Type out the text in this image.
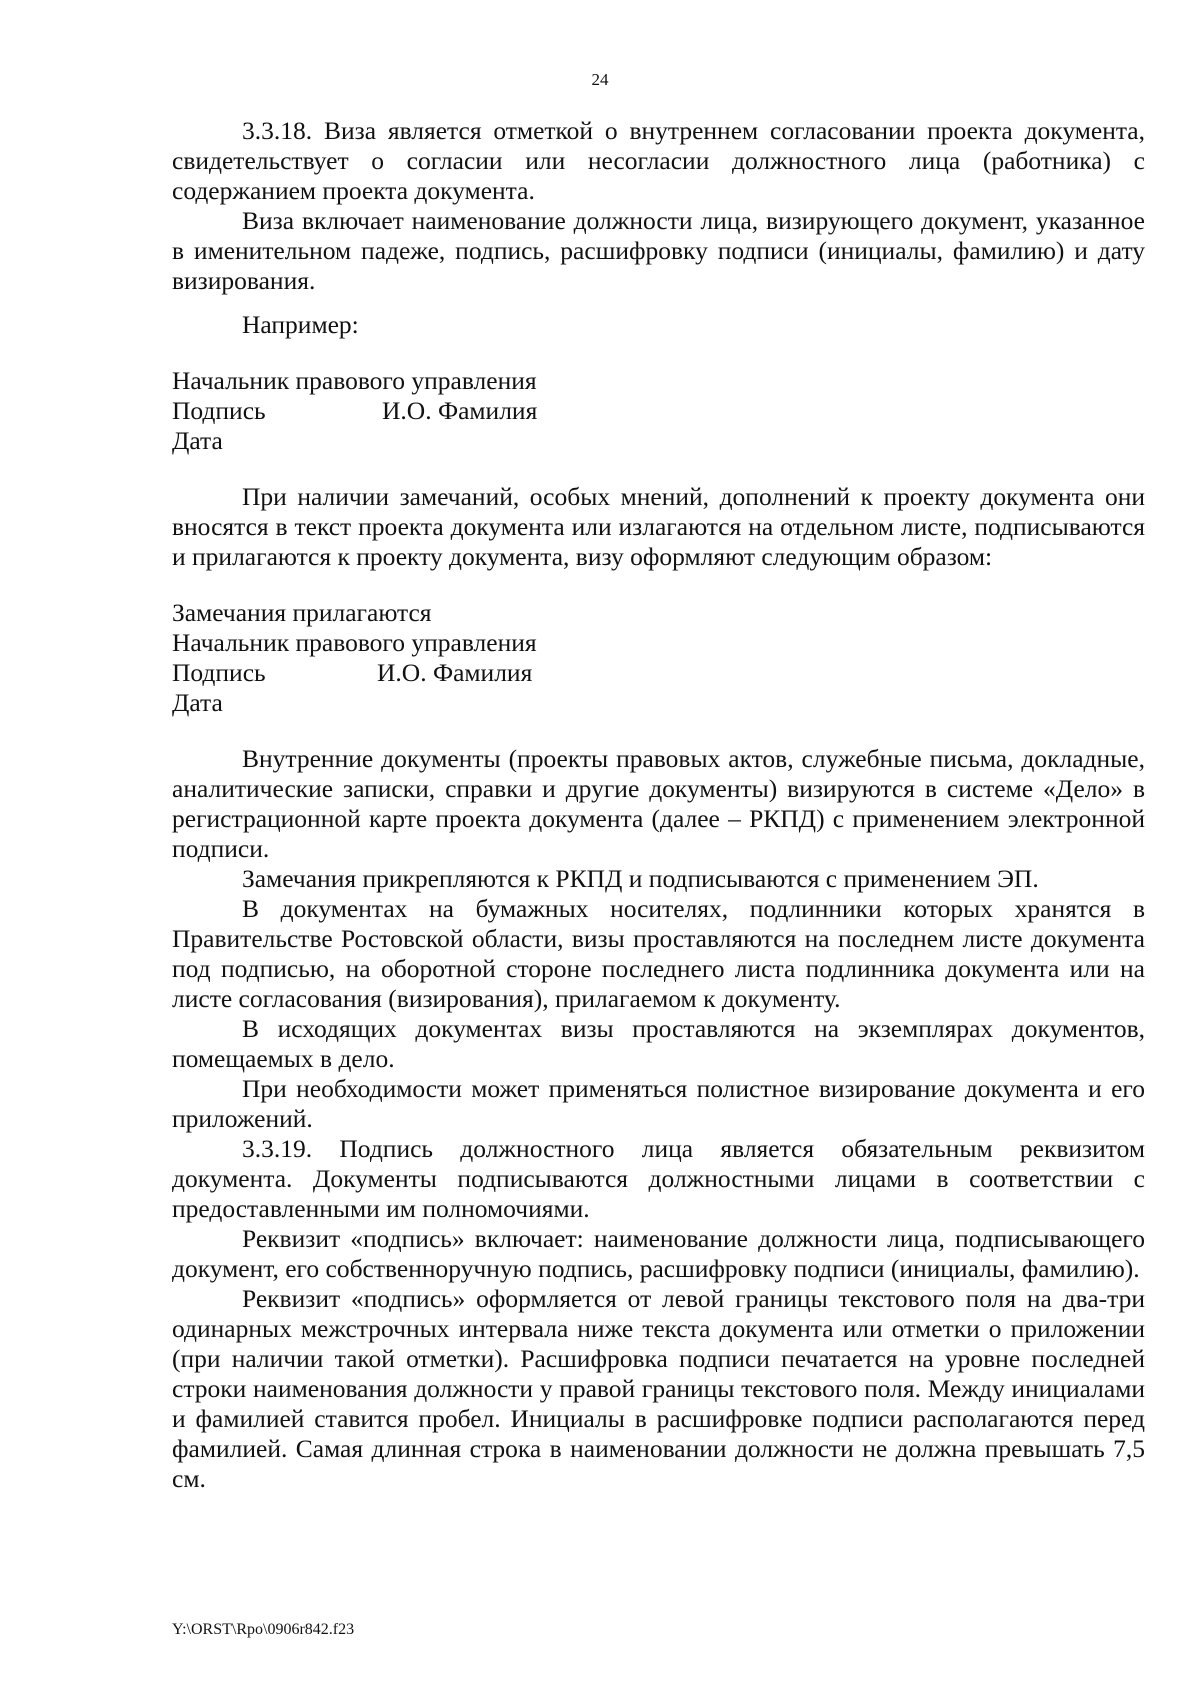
24

3.3.18. Виза является отметкой о внутреннем согласовании проекта документа, свидетельствует о согласии или несогласии должностного лица (работника) с содержанием проекта документа.

Виза включает наименование должности лица, визирующего документ, указанное в именительном падеже, подпись, расшифровку подписи (инициалы, фамилию) и дату визирования.

Например:

Начальник правового управления

Подпись	И.О. Фамилия

Дата

При наличии замечаний, особых мнений, дополнений к проекту документа они вносятся в текст проекта документа или излагаются на отдельном листе, подписываются и прилагаются к проекту документа, визу оформляют следующим образом:

Замечания прилагаются

Начальник правового управления

Подпись	И.О. Фамилия

Дата

Внутренние документы (проекты правовых актов, служебные письма, докладные, аналитические записки, справки и другие документы) визируются в системе «Дело» в регистрационной карте проекта документа (далее – РКПД) с применением электронной подписи.

Замечания прикрепляются к РКПД и подписываются с применением ЭП.

В документах на бумажных носителях, подлинники которых хранятся в Правительстве Ростовской области, визы проставляются на последнем листе документа под подписью, на оборотной стороне последнего листа подлинника документа или на листе согласования (визирования), прилагаемом к документу.

В исходящих документах визы проставляются на экземплярах документов, помещаемых в дело.

При необходимости может применяться полистное визирование документа и его приложений.

3.3.19. Подпись должностного лица является обязательным реквизитом документа. Документы подписываются должностными лицами в соответствии с предоставленными им полномочиями.

Реквизит «подпись» включает: наименование должности лица, подписывающего документ, его собственноручную подпись, расшифровку подписи (инициалы, фамилию).

Реквизит «подпись» оформляется от левой границы текстового поля на два-три одинарных межстрочных интервала ниже текста документа или отметки о приложении (при наличии такой отметки). Расшифровка подписи печатается на уровне последней строки наименования должности у правой границы текстового поля. Между инициалами и фамилией ставится пробел. Инициалы в расшифровке подписи располагаются перед фамилией. Самая длинная строка в наименовании должности не должна превышать 7,5 см.

Y:\ORST\Rpo\0906r842.f23
